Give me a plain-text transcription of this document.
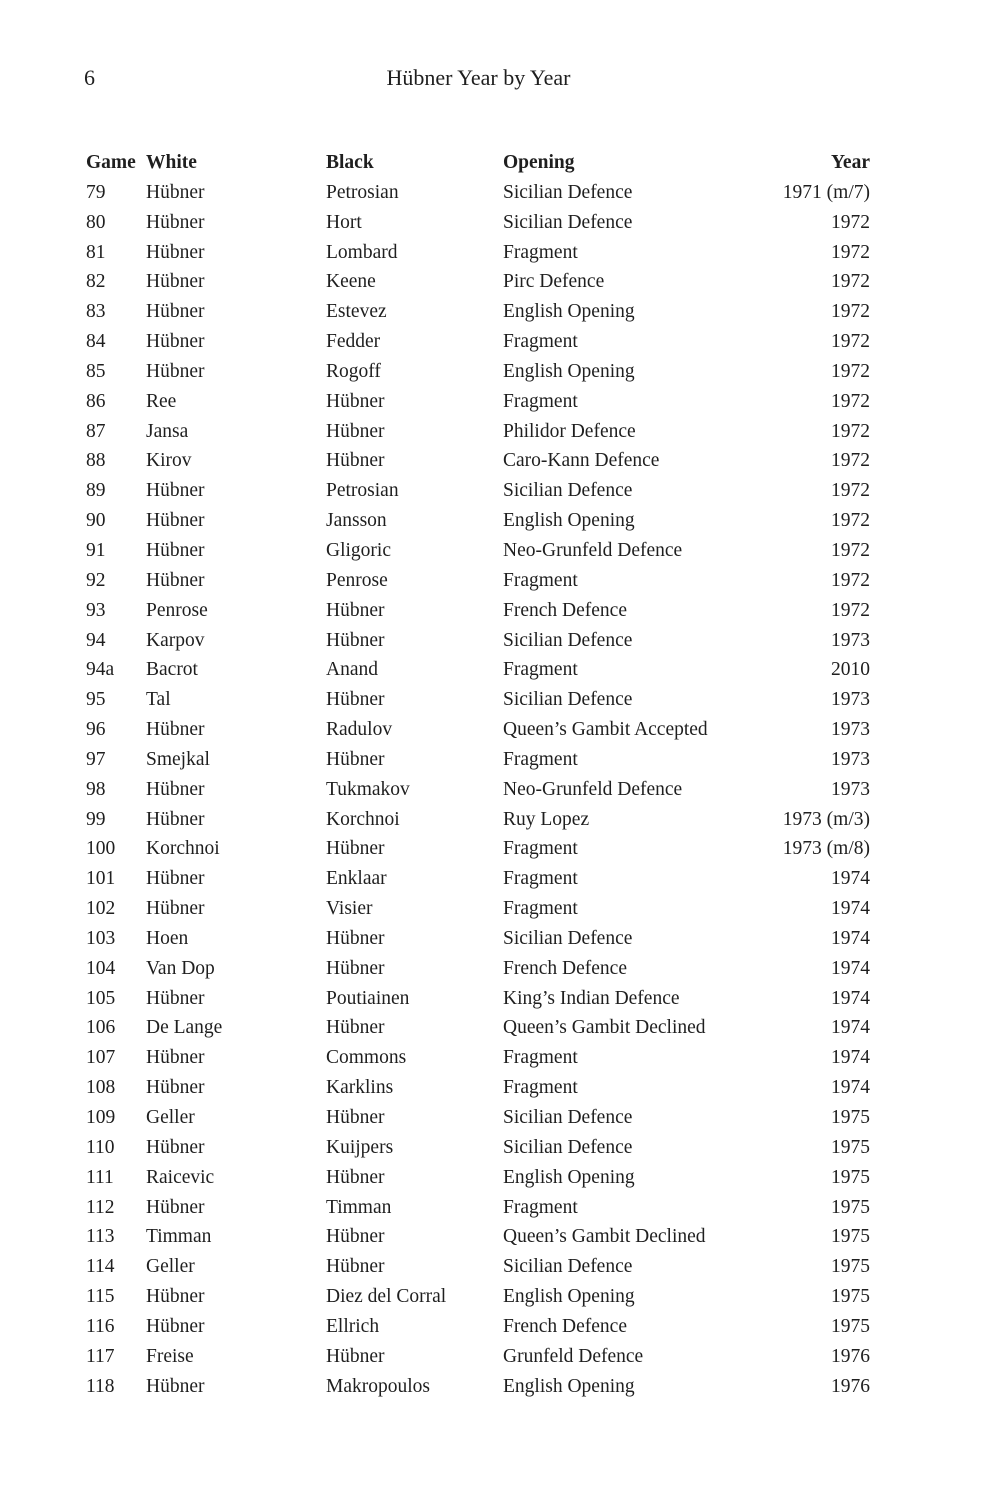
6	Hübner Year by Year
Game	White	Black	Opening	Year
79	Hübner	Petrosian	Sicilian Defence	1971 (m/7)
80	Hübner	Hort	Sicilian Defence	1972
81	Hübner	Lombard	Fragment	1972
82	Hübner	Keene	Pirc Defence	1972
83	Hübner	Estevez	English Opening	1972
84	Hübner	Fedder	Fragment	1972
85	Hübner	Rogoff	English Opening	1972
86	Ree	Hübner	Fragment	1972
87	Jansa	Hübner	Philidor Defence	1972
88	Kirov	Hübner	Caro-Kann Defence	1972
89	Hübner	Petrosian	Sicilian Defence	1972
90	Hübner	Jansson	English Opening	1972
91	Hübner	Gligoric	Neo-Grunfeld Defence	1972
92	Hübner	Penrose	Fragment	1972
93	Penrose	Hübner	French Defence	1972
94	Karpov	Hübner	Sicilian Defence	1973
94a	Bacrot	Anand	Fragment	2010
95	Tal	Hübner	Sicilian Defence	1973
96	Hübner	Radulov	Queen’s Gambit Accepted	1973
97	Smejkal	Hübner	Fragment	1973
98	Hübner	Tukmakov	Neo-Grunfeld Defence	1973
99	Hübner	Korchnoi	Ruy Lopez	1973 (m/3)
100	Korchnoi	Hübner	Fragment	1973 (m/8)
101	Hübner	Enklaar	Fragment	1974
102	Hübner	Visier	Fragment	1974
103	Hoen	Hübner	Sicilian Defence	1974
104	Van Dop	Hübner	French Defence	1974
105	Hübner	Poutiainen	King’s Indian Defence	1974
106	De Lange	Hübner	Queen’s Gambit Declined	1974
107	Hübner	Commons	Fragment	1974
108	Hübner	Karklins	Fragment	1974
109	Geller	Hübner	Sicilian Defence	1975
110	Hübner	Kuijpers	Sicilian Defence	1975
111	Raicevic	Hübner	English Opening	1975
112	Hübner	Timman	Fragment	1975
113	Timman	Hübner	Queen’s Gambit Declined	1975
114	Geller	Hübner	Sicilian Defence	1975
115	Hübner	Diez del Corral	English Opening	1975
116	Hübner	Ellrich	French Defence	1975
117	Freise	Hübner	Grunfeld Defence	1976
118	Hübner	Makropoulos	English Opening	1976
